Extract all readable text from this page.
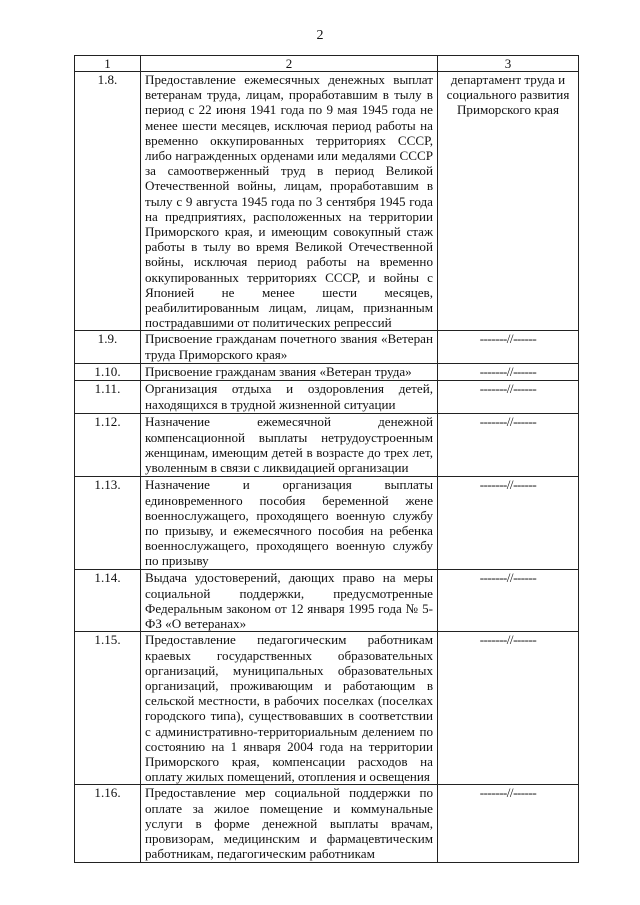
2
1	2	3
1.8.	Предоставление ежемесячных денежных выплат ветеранам труда, лицам, проработавшим в тылу в период с 22 июня 1941 года по 9 мая 1945 года не менее шести месяцев, исключая период работы на временно оккупированных территориях СССР, либо награжденных орденами или медалями СССР за самоотверженный труд в период Великой Отечественной войны, лицам, проработавшим в тылу с 9 августа 1945 года по 3 сентября 1945 года на предприятиях, расположенных на территории Приморского края, и имеющим совокупный стаж работы в тылу во время Великой Отечественной войны, исключая период работы на временно оккупированных территориях СССР, и войны с Японией не менее шести месяцев, реабилитированным лицам, лицам, признанным пострадавшими от политических репрессий	департамент труда и социального развития Приморского края
1.9.	Присвоение гражданам почетного звания «Ветеран труда Приморского края»	-------//------
1.10.	Присвоение гражданам звания «Ветеран труда»	-------//------
1.11.	Организация отдыха и оздоровления детей, находящихся в трудной жизненной ситуации	-------//------
1.12.	Назначение ежемесячной денежной компенсационной выплаты нетрудоустроенным женщинам, имеющим детей в возрасте до трех лет, уволенным в связи с ликвидацией организации	-------//------
1.13.	Назначение и организация выплаты единовременного пособия беременной жене военнослужащего, проходящего военную службу по призыву, и ежемесячного пособия на ребенка военнослужащего, проходящего военную службу по призыву	-------//------
1.14.	Выдача удостоверений, дающих право на меры социальной поддержки, предусмотренные Федеральным законом от 12 января 1995 года № 5-ФЗ «О ветеранах»	-------//------
1.15.	Предоставление педагогическим работникам краевых государственных образовательных организаций, муниципальных образовательных организаций, проживающим и работающим в сельской местности, в рабочих поселках (поселках городского типа), существовавших в соответствии с административно-территориальным делением по состоянию на 1 января 2004 года на территории Приморского края, компенсации расходов на оплату жилых помещений, отопления и освещения	-------//------
1.16.	Предоставление мер социальной поддержки по оплате за жилое помещение и коммунальные услуги в форме денежной выплаты врачам, провизорам, медицинским и фармацевтическим работникам, педагогическим работникам	-------//------
